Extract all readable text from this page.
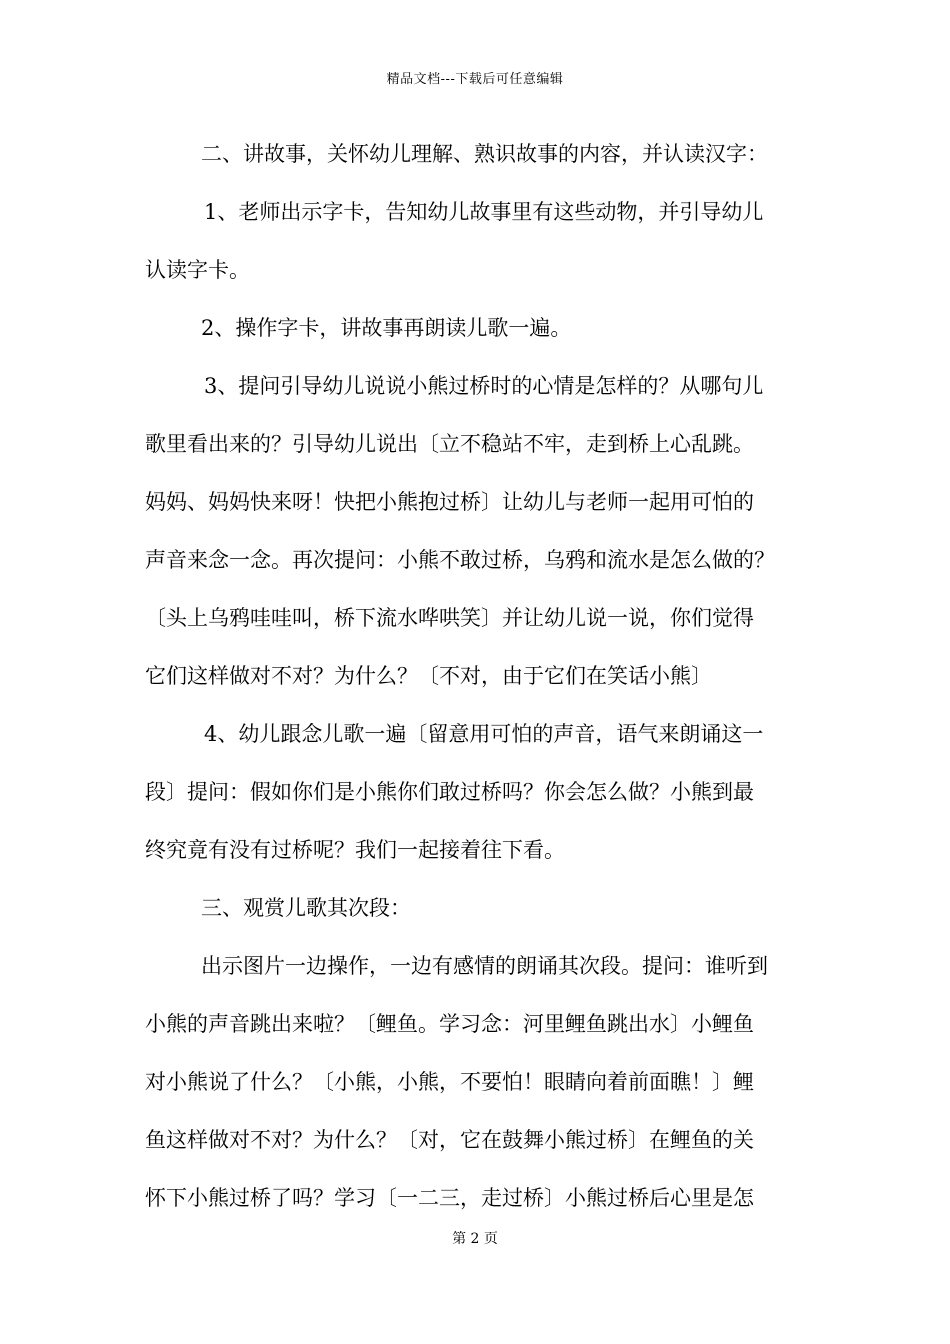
精品文档---下载后可任意编辑
二、讲故事，关怀幼儿理解、熟识故事的内容，并认读汉字：
1、老师出示字卡，告知幼儿故事里有这些动物，并引导幼儿
认读字卡。
2、操作字卡，讲故事再朗读儿歌一遍。
3、提问引导幼儿说说小熊过桥时的心情是怎样的？从哪句儿
歌里看出来的？引导幼儿说出〔立不稳站不牢，走到桥上心乱跳。
妈妈、妈妈快来呀！快把小熊抱过桥〕让幼儿与老师一起用可怕的
声音来念一念。再次提问：小熊不敢过桥，乌鸦和流水是怎么做的？
〔头上乌鸦哇哇叫，桥下流水哗哄笑〕并让幼儿说一说，你们觉得
它们这样做对不对？为什么？〔不对，由于它们在笑话小熊〕
4、幼儿跟念儿歌一遍〔留意用可怕的声音，语气来朗诵这一
段〕提问：假如你们是小熊你们敢过桥吗？你会怎么做？小熊到最
终究竟有没有过桥呢？我们一起接着往下看。
三、观赏儿歌其次段：
出示图片一边操作，一边有感情的朗诵其次段。提问：谁听到
小熊的声音跳出来啦？〔鲤鱼。学习念：河里鲤鱼跳出水〕小鲤鱼
对小熊说了什么？〔小熊，小熊，不要怕！眼睛向着前面瞧！〕鲤
鱼这样做对不对？为什么？〔对，它在鼓舞小熊过桥〕在鲤鱼的关
怀下小熊过桥了吗？学习〔一二三，走过桥〕小熊过桥后心里是怎
第 2 页
